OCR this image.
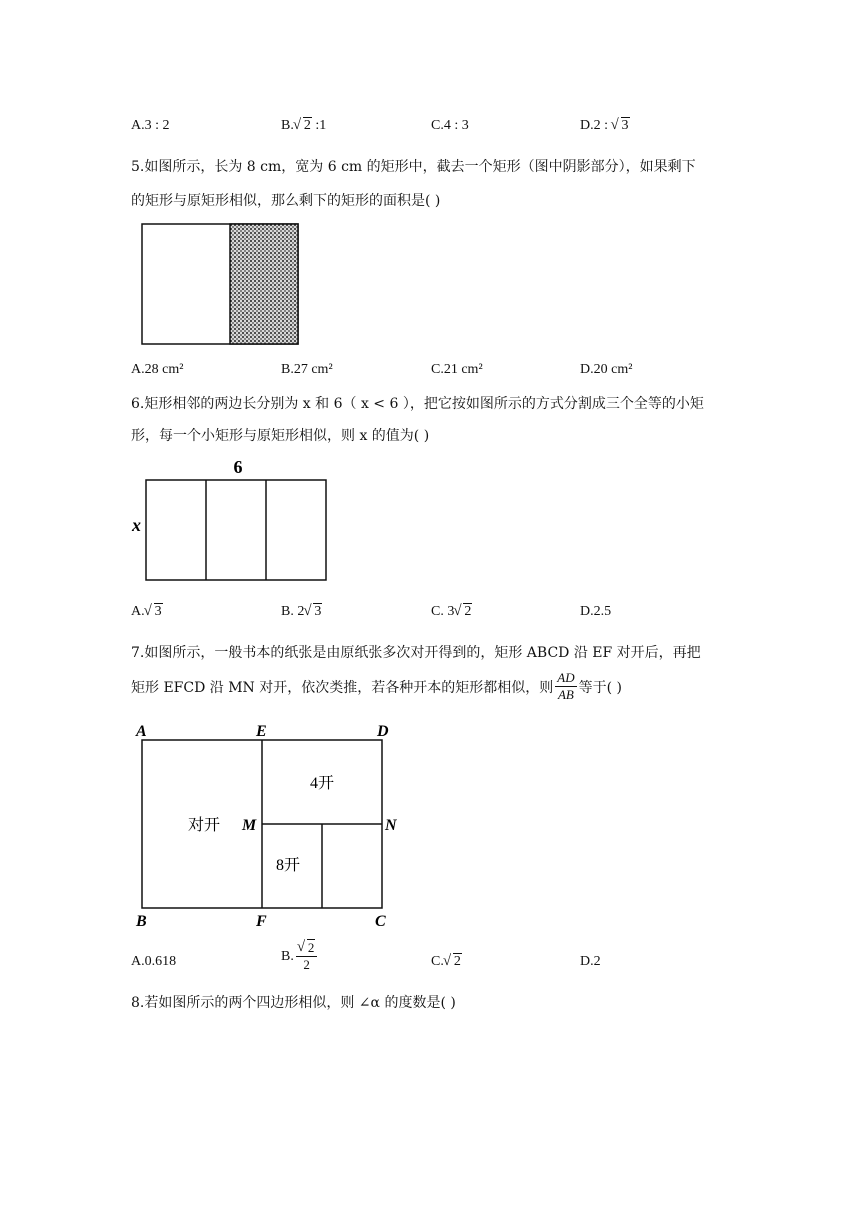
A.3 : 2	B. √ 2 :1	C.4 : 3	D.2 : √ 3
5.如图所示，长为 8 cm，宽为 6 cm 的矩形中，截去一个矩形（图中阴影部分），如果剩下
的矩形与原矩形相似，那么剩下的矩形的面积是( )
A.28 cm²	B.27 cm²	C.21 cm²	D.20 cm²
6.矩形相邻的两边长分别为 x 和 6（ x < 6 ），把它按如图所示的方式分割成三个全等的小矩
形，每一个小矩形与原矩形相似，则 x 的值为( )
6
x
A. √ 3	B. 2 √ 3	C. 3 √ 2	D.2.5
7.如图所示，一般书本的纸张是由原纸张多次对开得到的，矩形 ABCD 沿 EF 对开后，再把
矩形 EFCD 沿 MN 对开，依次类推，若各种开本的矩形都相似，则 $\frac{AD}{AB}$ 等于( )
A	E	D
M	N
B	F	C
对开
4开
8开
A.0.618	B. √ $\frac{2}{2}$	C. √ 2	D.2
8.若如图所示的两个四边形相似，则 ∠α 的度数是( )
